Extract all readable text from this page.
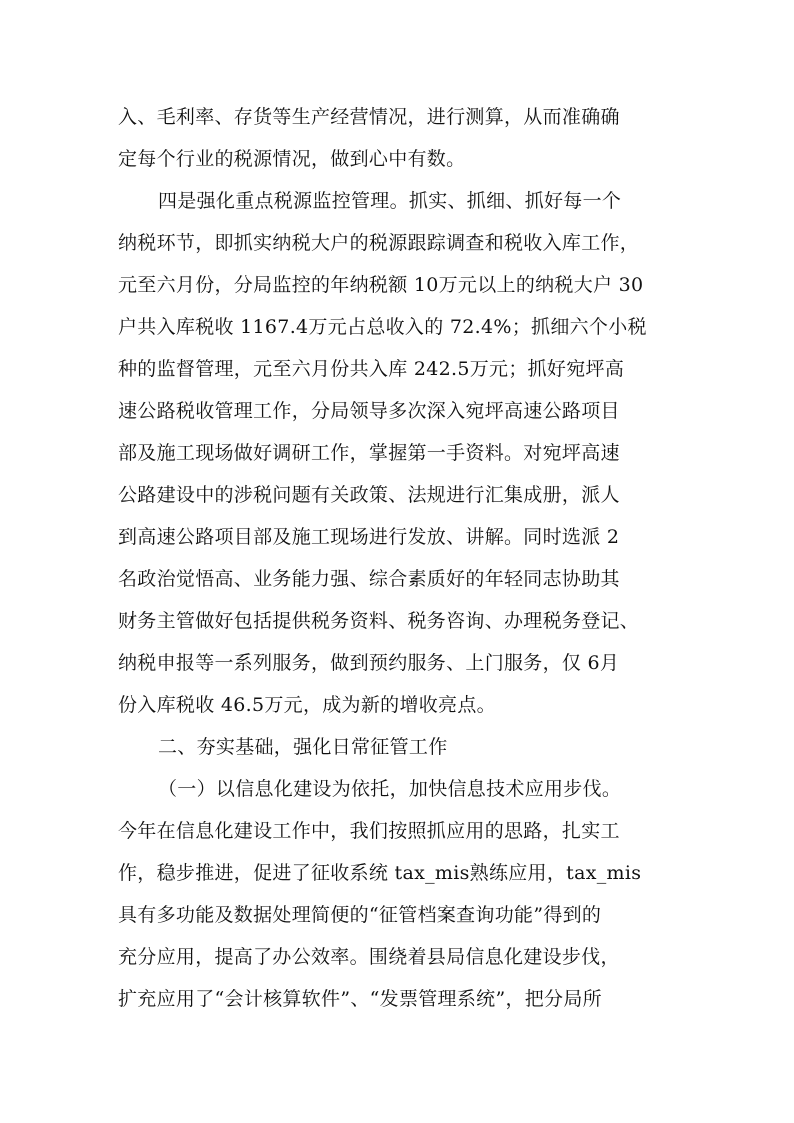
入、毛利率、存货等生产经营情况，进行测算，从而准确确
定每个行业的税源情况，做到心中有数。
四是强化重点税源监控管理。抓实、抓细、抓好每一个
纳税环节，即抓实纳税大户的税源跟踪调查和税收入库工作，
元至六月份，分局监控的年纳税额 10万元以上的纳税大户 30
户共入库税收 1167.4万元占总收入的 72.4%；抓细六个小税
种的监督管理，元至六月份共入库 242.5万元；抓好宛坪高
速公路税收管理工作，分局领导多次深入宛坪高速公路项目
部及施工现场做好调研工作，掌握第一手资料。对宛坪高速
公路建设中的涉税问题有关政策、法规进行汇集成册，派人
到高速公路项目部及施工现场进行发放、讲解。同时选派 2
名政治觉悟高、业务能力强、综合素质好的年轻同志协助其
财务主管做好包括提供税务资料、税务咨询、办理税务登记、
纳税申报等一系列服务，做到预约服务、上门服务，仅 6月
份入库税收 46.5万元，成为新的增收亮点。
二、夯实基础，强化日常征管工作
（一）以信息化建设为依托，加快信息技术应用步伐。
今年在信息化建设工作中，我们按照抓应用的思路，扎实工
作，稳步推进，促进了征收系统 tax_mis熟练应用，tax_mis
具有多功能及数据处理简便的“征管档案查询功能”得到的
充分应用，提高了办公效率。围绕着县局信息化建设步伐，
扩充应用了“会计核算软件”、“发票管理系统”，把分局所
